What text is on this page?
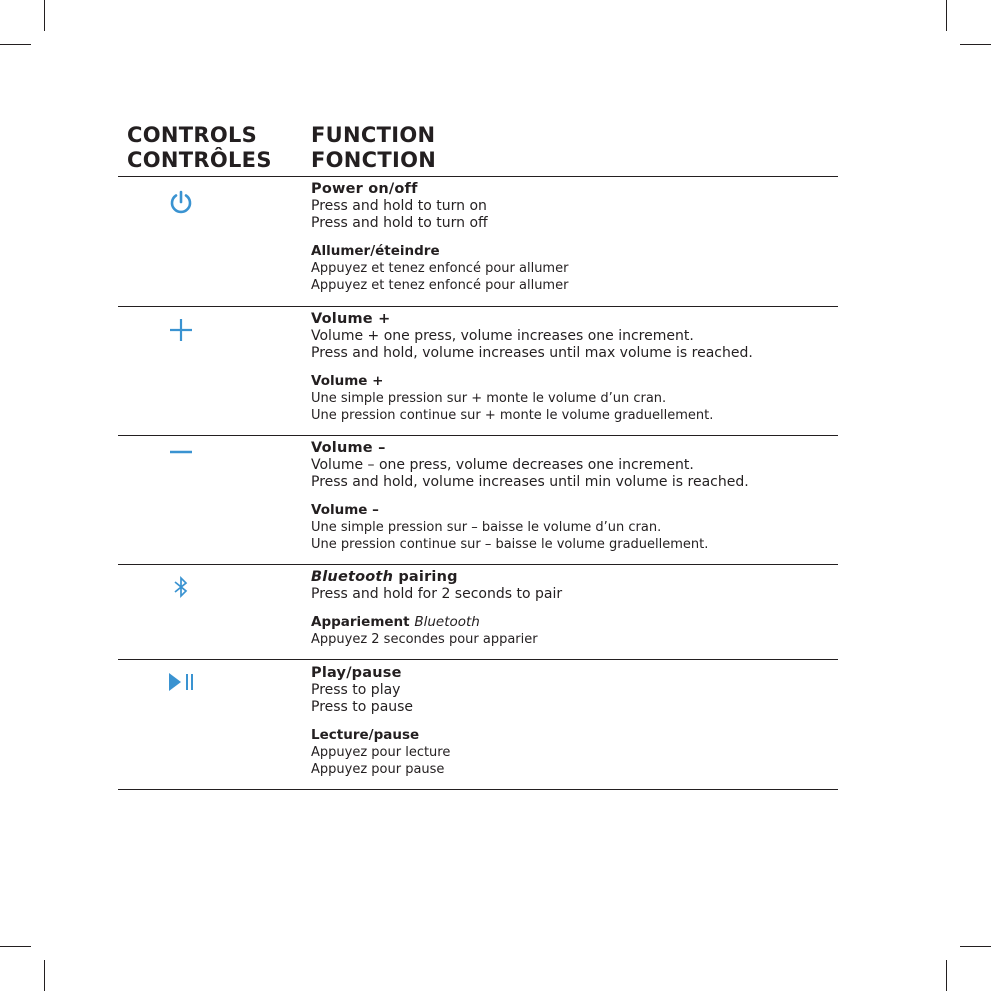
CONTROLS
CONTRÔLES
FUNCTION
FONCTION
Power on/off
Press and hold to turn on
Press and hold to turn off
Allumer/éteindre
Appuyez et tenez enfoncé pour allumer
Appuyez et tenez enfoncé pour allumer
Volume +
Volume + one press, volume increases one increment.
Press and hold, volume increases until max volume is reached.
Volume +
Une simple pression sur + monte le volume d’un cran.
Une pression continue sur + monte le volume graduellement.
Volume –
Volume – one press, volume decreases one increment.
Press and hold, volume increases until min volume is reached.
Volume –
Une simple pression sur – baisse le volume d’un cran.
Une pression continue sur – baisse le volume graduellement.
Bluetooth pairing
Press and hold for 2 seconds to pair
Appariement Bluetooth
Appuyez 2 secondes pour apparier
Play/pause
Press to play
Press to pause
Lecture/pause
Appuyez pour lecture
Appuyez pour pause
